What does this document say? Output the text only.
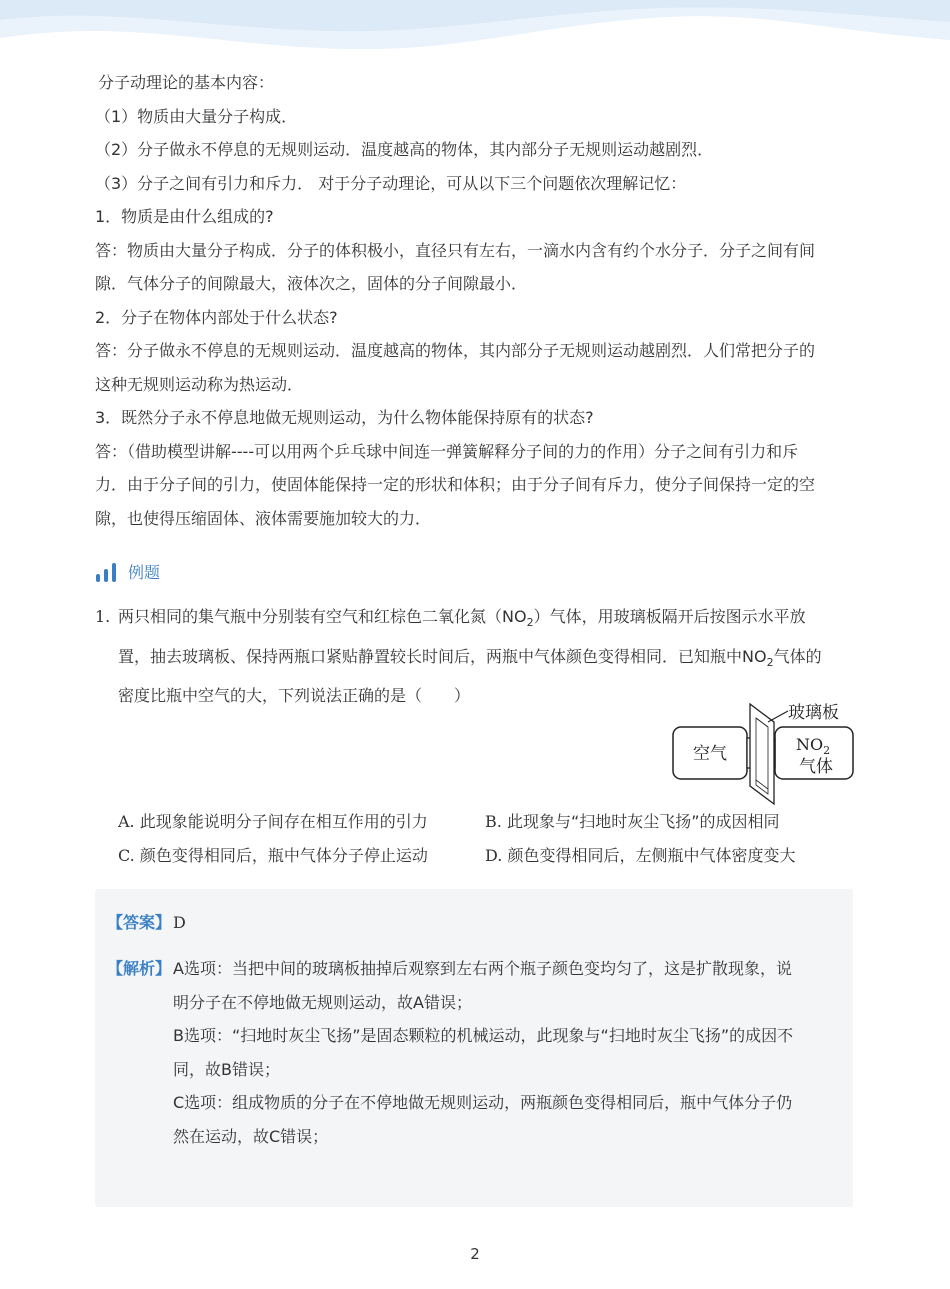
分子动理论的基本内容：
（1）物质由大量分子构成．
（2）分子做永不停息的无规则运动．温度越高的物体，其内部分子无规则运动越剧烈．
（3）分子之间有引力和斥力． 对于分子动理论，可从以下三个问题依次理解记忆：
1．物质是由什么组成的?
答：物质由大量分子构成．分子的体积极小，直径只有左右，一滴水内含有约个水分子．分子之间有间
隙．气体分子的间隙最大，液体次之，固体的分子间隙最小．
2．分子在物体内部处于什么状态?
答：分子做永不停息的无规则运动．温度越高的物体，其内部分子无规则运动越剧烈．人们常把分子的
这种无规则运动称为热运动．
3．既然分子永不停息地做无规则运动，为什么物体能保持原有的状态?
答：（借助模型讲解----可以用两个乒乓球中间连一弹簧解释分子间的力的作用）分子之间有引力和斥
力．由于分子间的引力，使固体能保持一定的形状和体积；由于分子间有斥力，使分子间保持一定的空
隙，也使得压缩固体、液体需要施加较大的力．
例题
1. 两只相同的集气瓶中分别装有空气和红棕色二氧化氮$(NO_2)$气体，用玻璃板隔开后按图示水平放
置，抽去玻璃板、保持两瓶口紧贴静置较长时间后，两瓶中气体颜色变得相同．已知瓶中$NO_2$气体的
密度比瓶中空气的大，下列说法正确的是（　　）
玻璃板
空气	$NO_2$
气体
A. 此现象能说明分子间存在相互作用的引力	B. 此现象与“扫地时灰尘飞扬”的成因相同
C. 颜色变得相同后，瓶中气体分子停止运动	D. 颜色变得相同后，左侧瓶中气体密度变大
【答案】 D
【解析】 A选项：当把中间的玻璃板抽掉后观察到左右两个瓶子颜色变均匀了，这是扩散现象，说
明分子在不停地做无规则运动，故A错误；
B选项：“扫地时灰尘飞扬”是固态颗粒的机械运动，此现象与“扫地时灰尘飞扬”的成因不
同，故B错误；
C选项：组成物质的分子在不停地做无规则运动，两瓶颜色变得相同后，瓶中气体分子仍
然在运动，故C错误；
2
